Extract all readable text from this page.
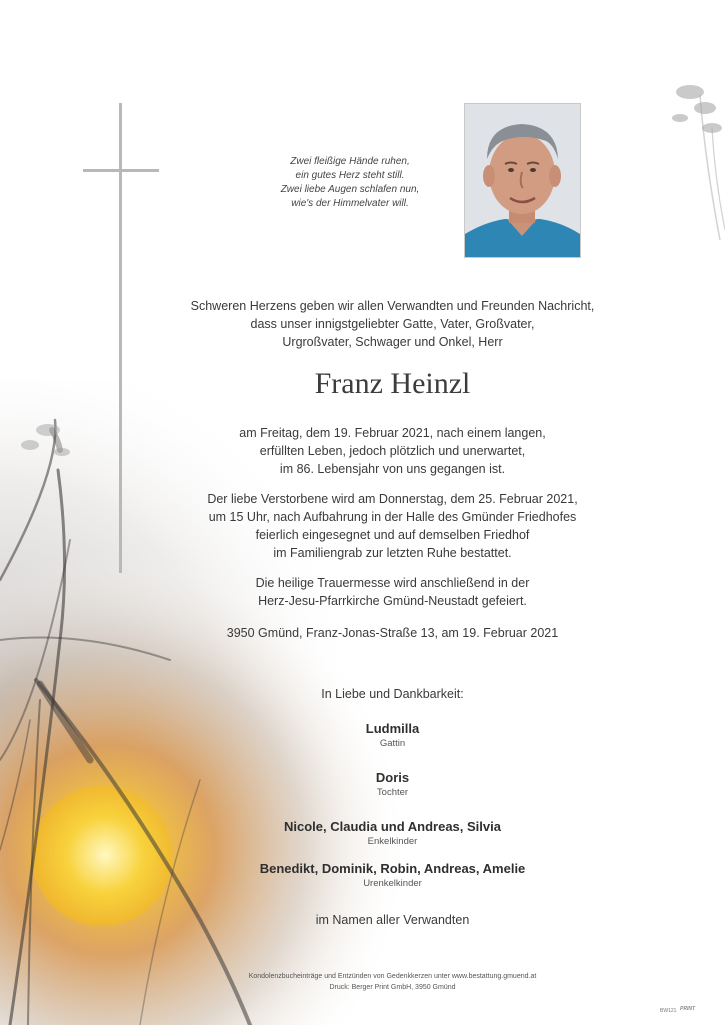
Zwei fleißige Hände ruhen,
ein gutes Herz steht still.
Zwei liebe Augen schlafen nun,
wie's der Himmelvater will.
Schweren Herzens geben wir allen Verwandten und Freunden Nachricht,
dass unser innigstgeliebter Gatte, Vater, Großvater,
Urgroßvater, Schwager und Onkel, Herr
Franz Heinzl
am Freitag, dem 19. Februar 2021, nach einem langen,
erfüllten Leben, jedoch plötzlich und unerwartet,
im 86. Lebensjahr von uns gegangen ist.
Der liebe Verstorbene wird am Donnerstag, dem 25. Februar 2021,
um 15 Uhr, nach Aufbahrung in der Halle des Gmünder Friedhofes
feierlich eingesegnet und auf demselben Friedhof
im Familiengrab zur letzten Ruhe bestattet.
Die heilige Trauermesse wird anschließend in der
Herz-Jesu-Pfarrkirche Gmünd-Neustadt gefeiert.
3950 Gmünd, Franz-Jonas-Straße 13, am 19. Februar 2021
In Liebe und Dankbarkeit:
Ludmilla
Gattin
Doris
Tochter
Nicole, Claudia und Andreas, Silvia
Enkelkinder
Benedikt, Dominik, Robin, Andreas, Amelie
Urenkelkinder
im Namen aller Verwandten
Kondolenzbucheinträge und Entzünden von Gedenkkerzen unter www.bestattung.gmuend.at
Druck: Berger Print GmbH, 3950 Gmünd
BW121 PRINT
